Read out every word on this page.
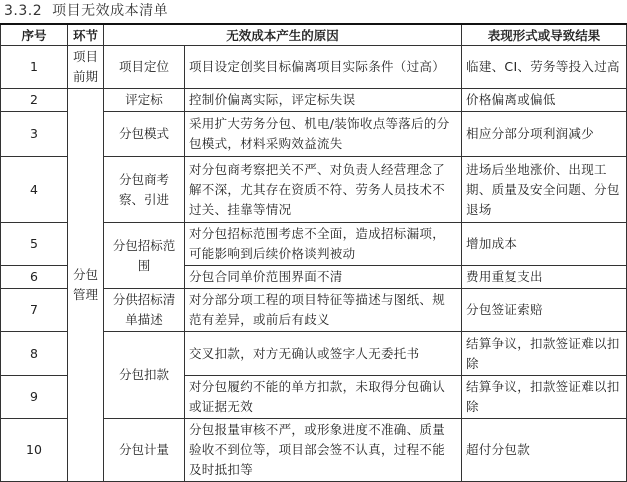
3.3.2 项目无效成本清单
序号	环节	无效成本产生的原因		表现形式或导致结果
1	项目前期	项目定位	项目设定创奖目标偏离项目实际条件（过高）	临建、CI、劳务等投入过高
2	分包管理	评定标	控制价偏离实际，评定标失误	价格偏离或偏低
3		分包模式	采用扩大劳务分包、机电/装饰收点等落后的分包模式，材料采购效益流失	相应分部分项利润减少
4		分包商考察、引进	对分包商考察把关不严、对负责人经营理念了解不深，尤其存在资质不符、劳务人员技术不过关、挂靠等情况	进场后坐地涨价、出现工期、质量及安全问题、分包退场
5		分包招标范围	对分包招标范围考虑不全面，造成招标漏项，可能影响到后续价格谈判被动	增加成本
6			分包合同单价范围界面不清	费用重复支出
7		分供招标清单描述	对分部分项工程的项目特征等描述与图纸、规范有差异，或前后有歧义	分包签证索赔
8		分包扣款	交叉扣款，对方无确认或签字人无委托书	结算争议，扣款签证难以扣除
9			对分包履约不能的单方扣款，未取得分包确认或证据无效	结算争议，扣款签证难以扣除
10		分包计量	分包报量审核不严，或形象进度不准确、质量验收不到位等，项目部会签不认真，过程不能及时抵扣等	超付分包款
